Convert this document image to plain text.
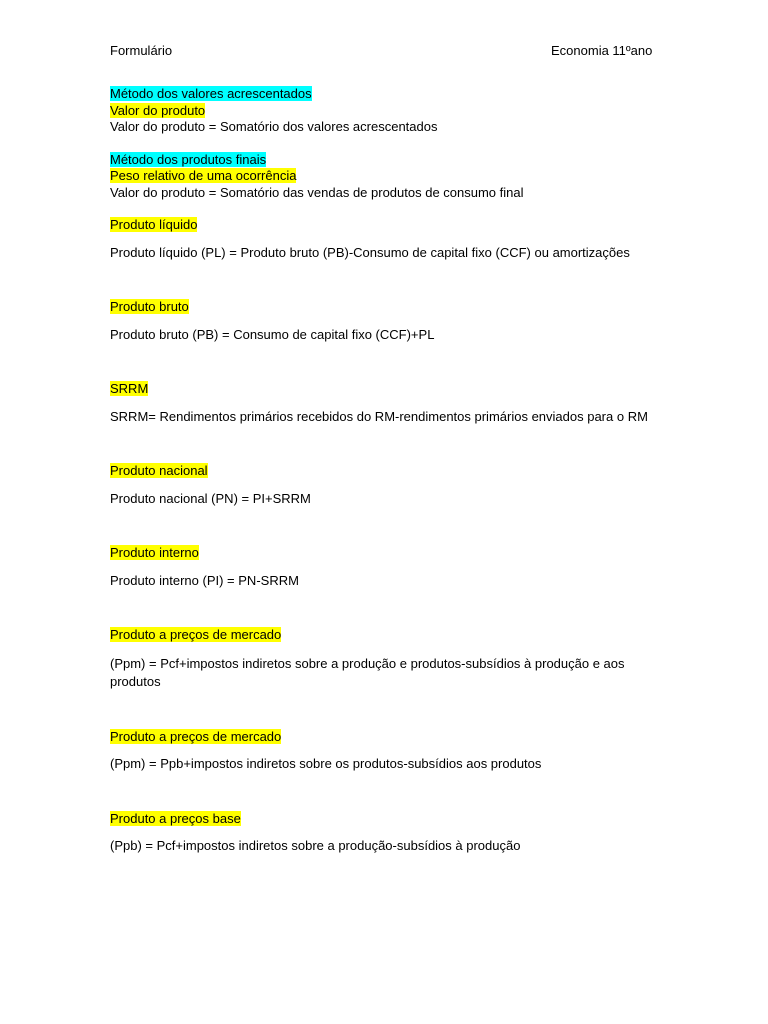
Formulário	Economia 11ºano
Método dos valores acrescentados
Valor do produto
Valor do produto = Somatório dos valores acrescentados
Método dos produtos finais
Peso relativo de uma ocorrência
Valor do produto = Somatório das vendas de produtos de consumo final
Produto líquido
Produto líquido (PL) = Produto bruto (PB)-Consumo de capital fixo (CCF) ou amortizações
Produto bruto
Produto bruto (PB) = Consumo de capital fixo (CCF)+PL
SRRM
SRRM= Rendimentos primários recebidos do RM-rendimentos primários enviados para o RM
Produto nacional
Produto nacional (PN) = PI+SRRM
Produto interno
Produto interno (PI) = PN-SRRM
Produto a preços de mercado
(Ppm) = Pcf+impostos indiretos sobre a produção e produtos-subsídios à produção e aos produtos
Produto a preços de mercado
(Ppm) = Ppb+impostos indiretos sobre os produtos-subsídios aos produtos
Produto a preços base
(Ppb) = Pcf+impostos indiretos sobre a produção-subsídios à produção
